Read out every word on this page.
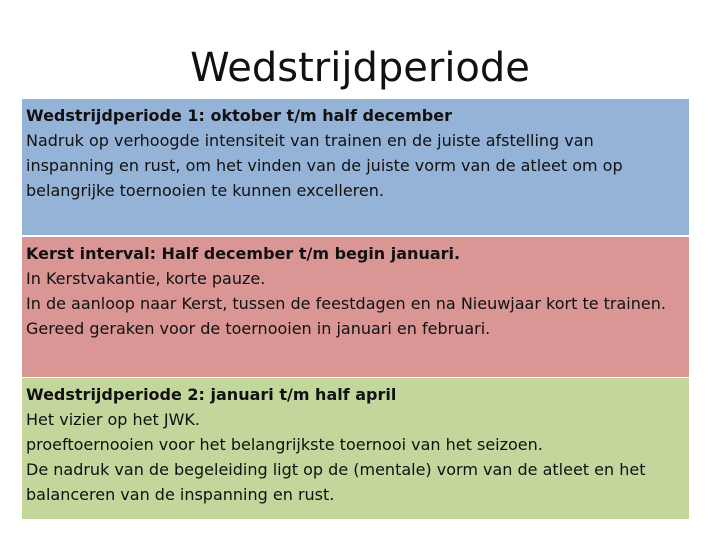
Wedstrijdperiode
Wedstrijdperiode 1: oktober t/m half december
Nadruk op verhoogde intensiteit van trainen en de juiste afstelling van
inspanning en rust, om het vinden van de juiste vorm van de atleet om op
belangrijke toernooien te kunnen excelleren.
Kerst interval: Half december t/m begin januari.
In Kerstvakantie, korte pauze.
In de aanloop naar Kerst, tussen de feestdagen en na Nieuwjaar kort te trainen.
Gereed geraken voor de toernooien in januari en februari.
Wedstrijdperiode 2: januari t/m half april
Het vizier op het JWK.
proeftoernooien voor het belangrijkste toernooi van het seizoen.
De nadruk van de begeleiding ligt op de (mentale) vorm van de atleet en het
balanceren van de inspanning en rust.
